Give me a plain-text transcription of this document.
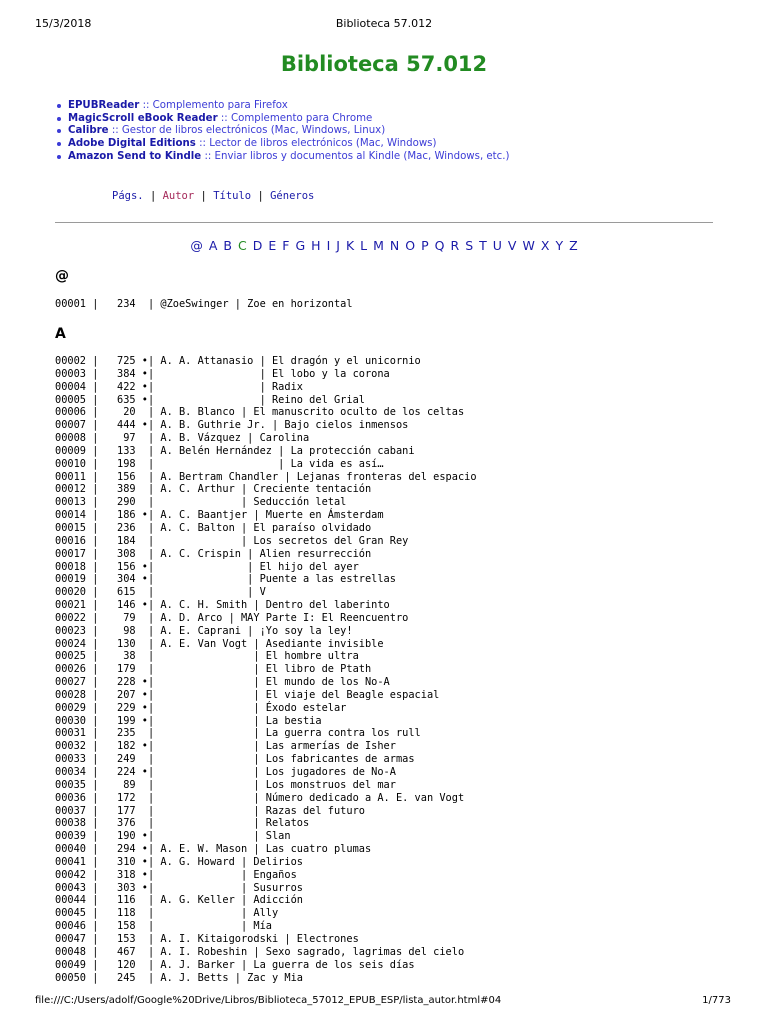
15/3/2018	Biblioteca 57.012
Biblioteca 57.012
EPUBReader :: Complemento para Firefox
MagicScroll eBook Reader :: Complemento para Chrome
Calibre :: Gestor de libros electrónicos (Mac, Windows, Linux)
Adobe Digital Editions :: Lector de libros electrónicos (Mac, Windows)
Amazon Send to Kindle :: Enviar libros y documentos al Kindle (Mac, Windows, etc.)
Págs. | Autor | Título | Géneros
@ A B C D E F G H I J K L M N O P Q R S T U V W X Y Z
@
00001 |   234  | @ZoeSwinger | Zoe en horizontal
A
00002 |   725 •| A. A. Attanasio | El dragón y el unicornio
00003 |   384 •|                 | El lobo y la corona
00004 |   422 •|                 | Radix
00005 |   635 •|                 | Reino del Grial
00006 |    20  | A. B. Blanco | El manuscrito oculto de los celtas
00007 |   444 •| A. B. Guthrie Jr. | Bajo cielos inmensos
00008 |    97  | A. B. Vázquez | Carolina
00009 |   133  | A. Belén Hernández | La protección cabani
00010 |   198  |                    | La vida es así…
00011 |   156  | A. Bertram Chandler | Lejanas fronteras del espacio
00012 |   389  | A. C. Arthur | Creciente tentación
00013 |   290  |              | Seducción letal
00014 |   186 •| A. C. Baantjer | Muerte en Ámsterdam
00015 |   236  | A. C. Balton | El paraíso olvidado
00016 |   184  |              | Los secretos del Gran Rey
00017 |   308  | A. C. Crispin | Alien resurrección
00018 |   156 •|               | El hijo del ayer
00019 |   304 •|               | Puente a las estrellas
00020 |   615  |               | V
00021 |   146 •| A. C. H. Smith | Dentro del laberinto
00022 |    79  | A. D. Arco | MAY Parte I: El Reencuentro
00023 |    98  | A. E. Caprani | ¡Yo soy la ley!
00024 |   130  | A. E. Van Vogt | Asediante invisible
00025 |    38  |                | El hombre ultra
00026 |   179  |                | El libro de Ptath
00027 |   228 •|                | El mundo de los No-A
00028 |   207 •|                | El viaje del Beagle espacial
00029 |   229 •|                | Éxodo estelar
00030 |   199 •|                | La bestia
00031 |   235  |                | La guerra contra los rull
00032 |   182 •|                | Las armerías de Isher
00033 |   249  |                | Los fabricantes de armas
00034 |   224 •|                | Los jugadores de No-A
00035 |    89  |                | Los monstruos del mar
00036 |   172  |                | Número dedicado a A. E. van Vogt
00037 |   177  |                | Razas del futuro
00038 |   376  |                | Relatos
00039 |   190 •|                | Slan
00040 |   294 •| A. E. W. Mason | Las cuatro plumas
00041 |   310 •| A. G. Howard | Delirios
00042 |   318 •|              | Engaños
00043 |   303 •|              | Susurros
00044 |   116  | A. G. Keller | Adicción
00045 |   118  |              | Ally
00046 |   158  |              | Mía
00047 |   153  | A. I. Kitaigorodski | Electrones
00048 |   467  | A. I. Robeshin | Sexo sagrado, lagrimas del cielo
00049 |   120  | A. J. Barker | La guerra de los seis días
00050 |   245  | A. J. Betts | Zac y Mia
file:///C:/Users/adolf/Google%20Drive/Libros/Biblioteca_57012_EPUB_ESP/lista_autor.html#04	1/773
